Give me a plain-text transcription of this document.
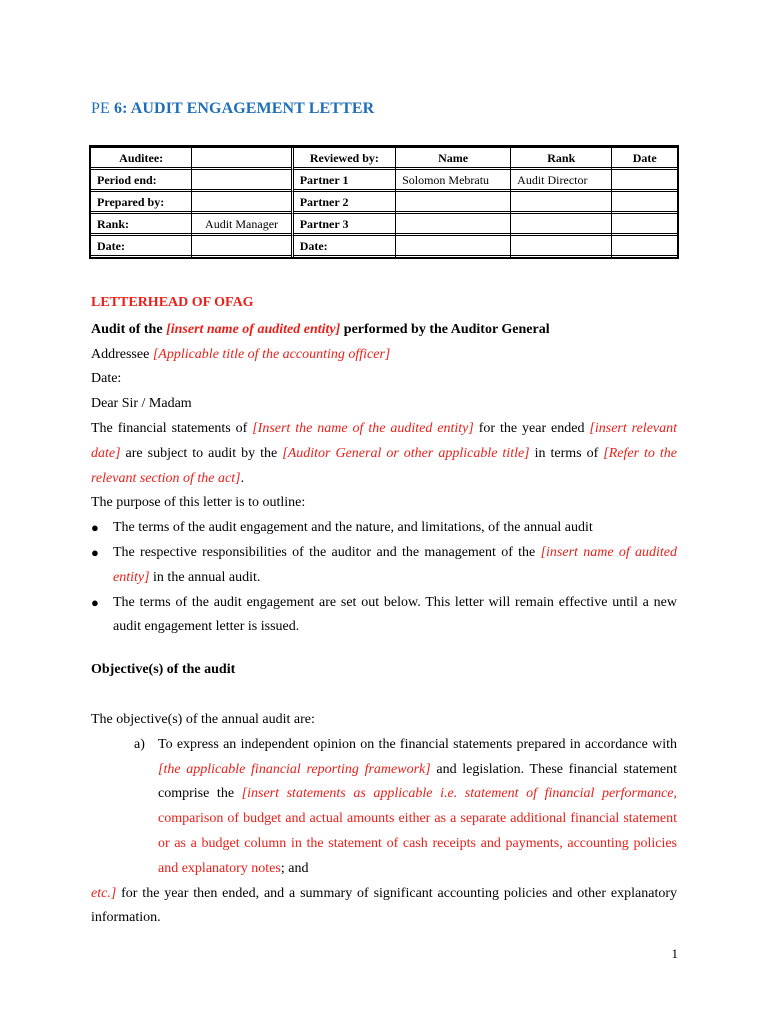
PE 6: AUDIT ENGAGEMENT LETTER
Auditee:		Reviewed by:	Name	Rank	Date
Period end:		Partner 1	Solomon Mebratu	Audit Director	
Prepared by:		Partner 2			
Rank:	Audit Manager	Partner 3			
Date:		Date:			
LETTERHEAD OF OFAG
Audit of the [insert name of audited entity] performed by the Auditor General
Addressee [Applicable title of the accounting officer]
Date:
Dear Sir / Madam
The financial statements of [Insert the name of the audited entity] for the year ended [insert relevant date] are subject to audit by the [Auditor General or other applicable title] in terms of [Refer to the relevant section of the act].
The purpose of this letter is to outline:
● The terms of the audit engagement and the nature, and limitations, of the annual audit
● The respective responsibilities of the auditor and the management of the [insert name of audited entity] in the annual audit.
● The terms of the audit engagement are set out below. This letter will remain effective until a new audit engagement letter is issued.
Objective(s) of the audit
The objective(s) of the annual audit are:
a) To express an independent opinion on the financial statements prepared in accordance with [the applicable financial reporting framework] and legislation. These financial statement comprise the [insert statements as applicable i.e. statement of financial performance, comparison of budget and actual amounts either as a separate additional financial statement or as a budget column in the statement of cash receipts and payments, accounting policies and explanatory notes; and
etc.] for the year then ended, and a summary of significant accounting policies and other explanatory information.
1
